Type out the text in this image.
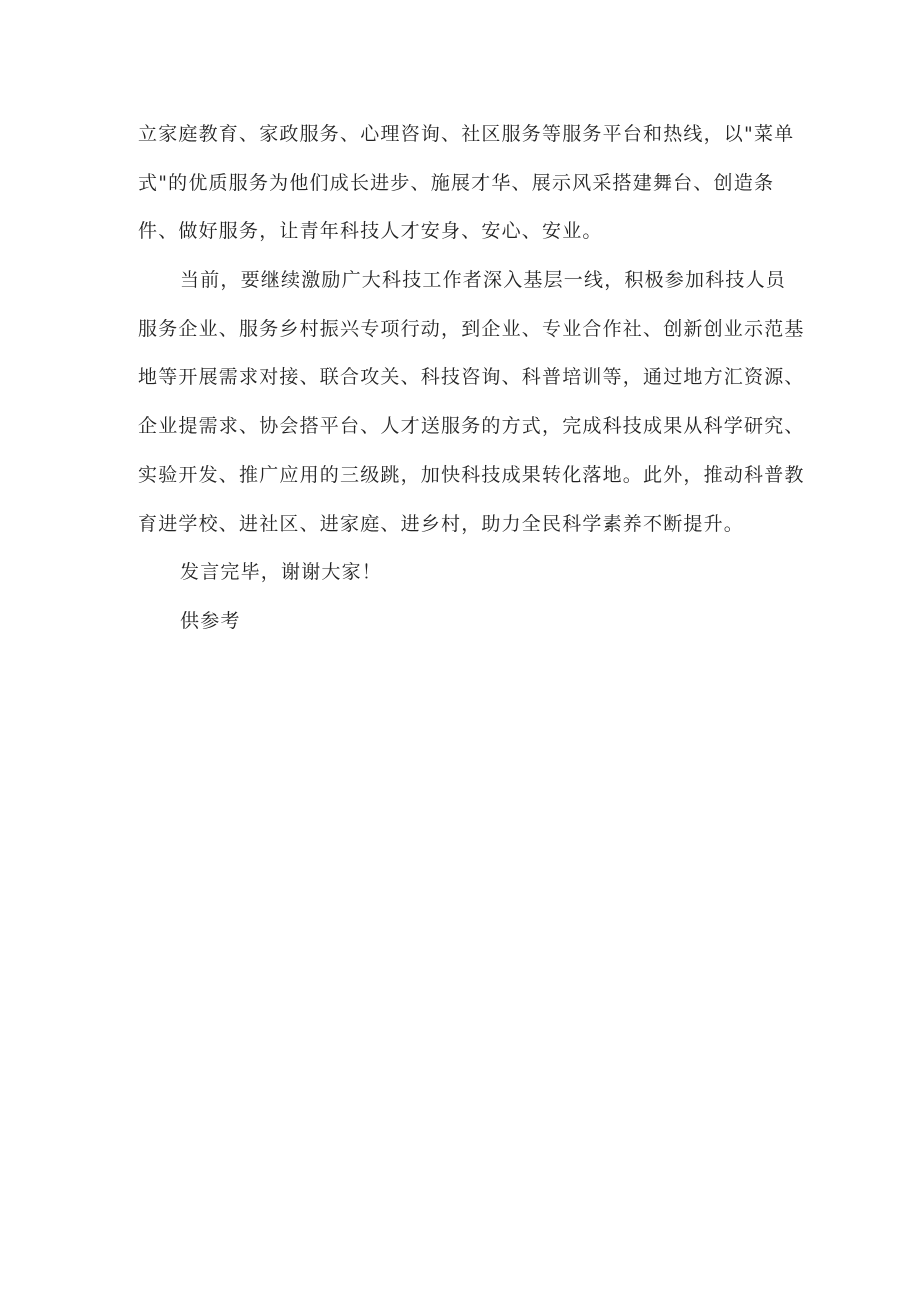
立家庭教育、家政服务、心理咨询、社区服务等服务平台和热线，以"菜单
式"的优质服务为他们成长进步、施展才华、展示风采搭建舞台、创造条
件、做好服务，让青年科技人才安身、安心、安业。
当前，要继续激励广大科技工作者深入基层一线，积极参加科技人员
服务企业、服务乡村振兴专项行动，到企业、专业合作社、创新创业示范基
地等开展需求对接、联合攻关、科技咨询、科普培训等，通过地方汇资源、
企业提需求、协会搭平台、人才送服务的方式，完成科技成果从科学研究、
实验开发、推广应用的三级跳，加快科技成果转化落地。此外，推动科普教
育进学校、进社区、进家庭、进乡村，助力全民科学素养不断提升。
发言完毕，谢谢大家！
供参考
